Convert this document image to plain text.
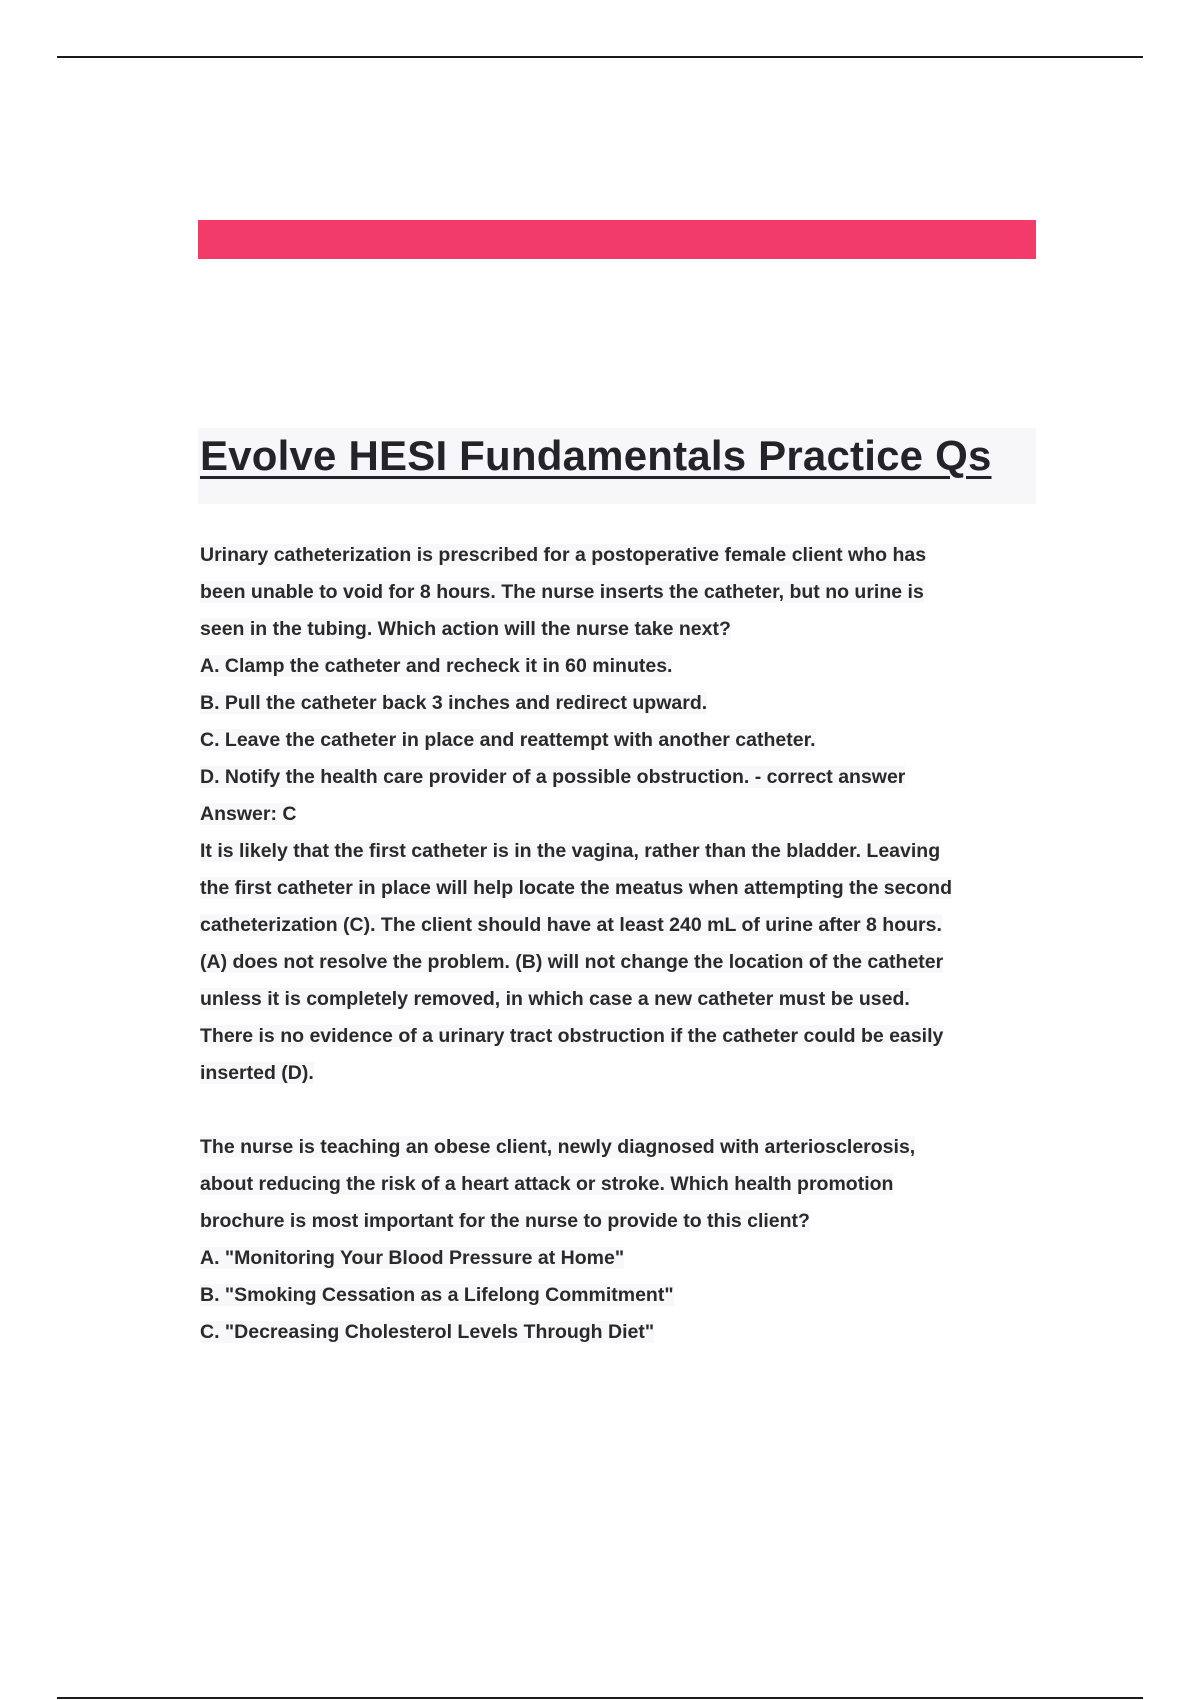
Evolve HESI Fundamentals Practice Qs
Urinary catheterization is prescribed for a postoperative female client who has
been unable to void for 8 hours. The nurse inserts the catheter, but no urine is
seen in the tubing. Which action will the nurse take next?
A. Clamp the catheter and recheck it in 60 minutes.
B. Pull the catheter back 3 inches and redirect upward.
C. Leave the catheter in place and reattempt with another catheter.
D. Notify the health care provider of a possible obstruction. - correct answer
Answer: C
It is likely that the first catheter is in the vagina, rather than the bladder. Leaving
the first catheter in place will help locate the meatus when attempting the second
catheterization (C). The client should have at least 240 mL of urine after 8 hours.
(A) does not resolve the problem. (B) will not change the location of the catheter
unless it is completely removed, in which case a new catheter must be used.
There is no evidence of a urinary tract obstruction if the catheter could be easily
inserted (D).
The nurse is teaching an obese client, newly diagnosed with arteriosclerosis,
about reducing the risk of a heart attack or stroke. Which health promotion
brochure is most important for the nurse to provide to this client?
A. "Monitoring Your Blood Pressure at Home"
B. "Smoking Cessation as a Lifelong Commitment"
C. "Decreasing Cholesterol Levels Through Diet"
